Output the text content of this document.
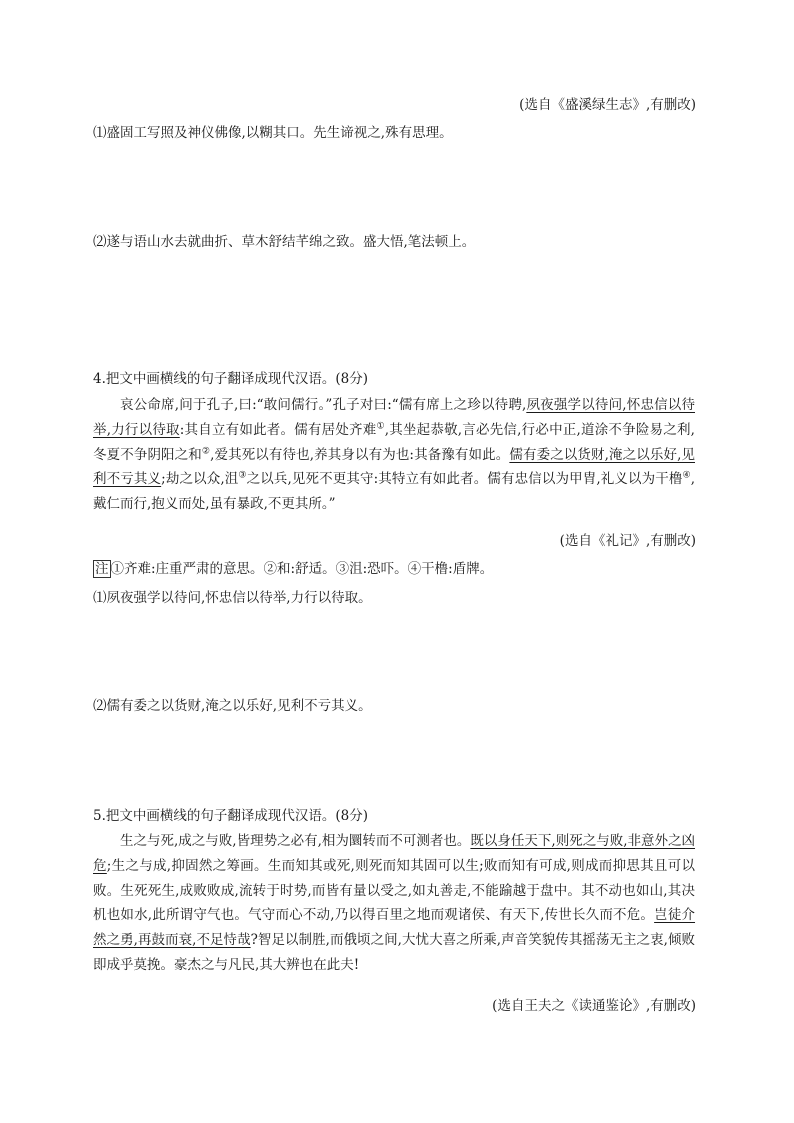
(选自《盛溪绿生志》,有删改)
⑴盛固工写照及神仪佛像,以糊其口。先生谛视之,殊有思理。
⑵遂与语山水去就曲折、草木舒结芊绵之致。盛大悟,笔法顿上。
4.把文中画横线的句子翻译成现代汉语。(8分)
哀公命席,问于孔子,曰:“敢问儒行。”孔子对曰:“儒有席上之珍以待聘,夙夜强学以待问,怀忠信以待举,力行以待取:其自立有如此者。儒有居处齐难①,其坐起恭敬,言必先信,行必中正,道涂不争险易之利,冬夏不争阴阳之和②,爱其死以有待也,养其身以有为也:其备豫有如此。儒有委之以货财,淹之以乐好,见利不亏其义;劫之以众,沮③之以兵,见死不更其守:其特立有如此者。儒有忠信以为甲胄,礼义以为干橹④,戴仁而行,抱义而处,虽有暴政,不更其所。”
(选自《礼记》,有删改)
注 ①齐难:庄重严肃的意思。②和:舒适。③沮:恐吓。④干橹:盾牌。
⑴夙夜强学以待问,怀忠信以待举,力行以待取。
⑵儒有委之以货财,淹之以乐好,见利不亏其义。
5.把文中画横线的句子翻译成现代汉语。(8分)
生之与死,成之与败,皆理势之必有,相为圜转而不可测者也。既以身任天下,则死之与败,非意外之凶危;生之与成,抑固然之筹画。生而知其或死,则死而知其固可以生;败而知有可成,则成而抑思其且可以败。生死死生,成败败成,流转于时势,而皆有量以受之,如丸善走,不能踰越于盘中。其不动也如山,其决机也如水,此所谓守气也。气守而心不动,乃以得百里之地而观诸侯、有天下,传世长久而不危。岂徒介然之勇,再鼓而衰,不足恃哉?智足以制胜,而俄顷之间,大忧大喜之所乘,声音笑貌传其摇荡无主之衷,倾败即成乎莫挽。豪杰之与凡民,其大辨也在此夫!
(选自王夫之《读通鉴论》,有删改)
